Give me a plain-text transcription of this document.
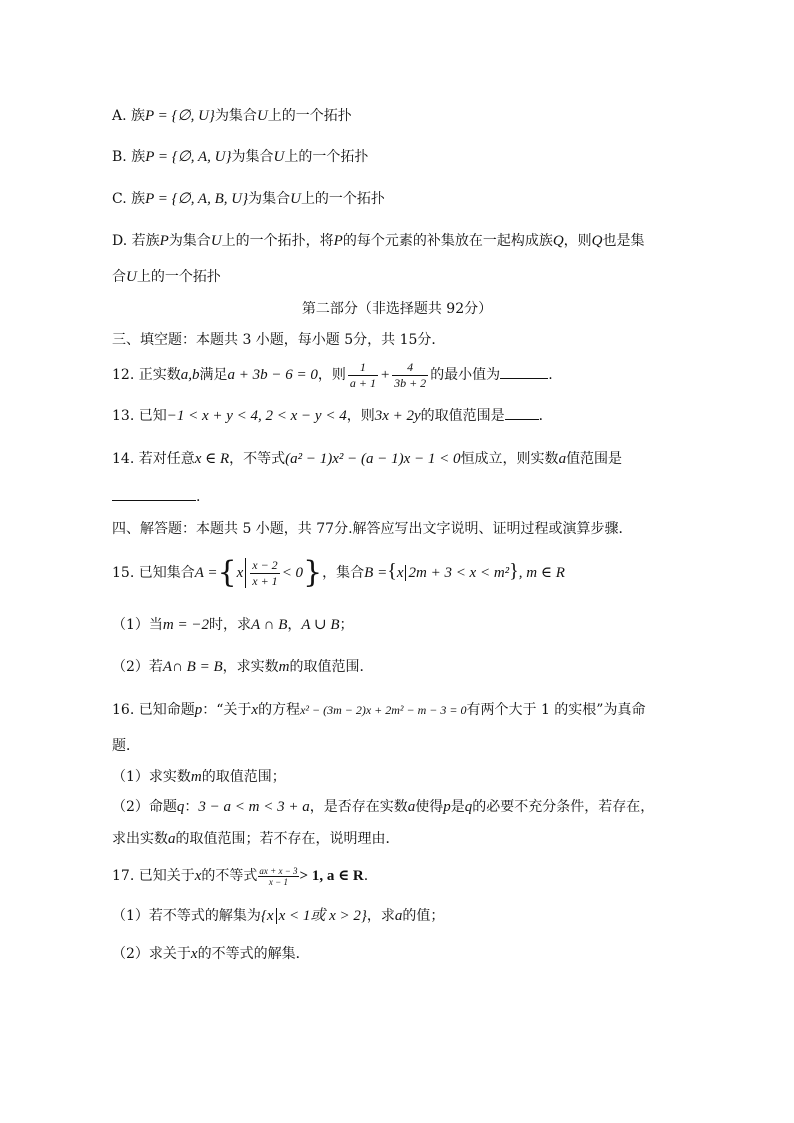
A. 族P = {∅, U}为集合U上的一个拓扑
B. 族P = {∅, A, U}为集合U上的一个拓扑
C. 族P = {∅, A, B, U}为集合U上的一个拓扑
D. 若族P为集合U上的一个拓扑，将P的每个元素的补集放在一起构成族Q，则Q也是集
合U上的一个拓扑
第二部分（非选择题共 92分）
三、填空题：本题共 3 小题，每小题 5分，共 15分．
12. 正实数a,b满足a + 3b − 6 = 0，则 $\frac{1}{a + 1} + \frac{4}{3b + 2}$ 的最小值为	.
13. 已知−1 < x + y < 4, 2 < x − y < 4，则3x + 2y的取值范围是 ．
14. 若对任意x ∈ R，不等式(a² − 1)x² − (a − 1)x − 1 < 0恒成立，则实数a值范围是
.
四、解答题：本题共 5 小题，共 77分.解答应写出文字说明、证明过程或演算步骤．
15. 已知集合$A =\{x \frac{x - 2}{x + 1} < 0\}$，集合B ={x 2m + 3 < x < m²}, m ∈ R
（1）当m = −2时，求A ∩ B，A ∪ B；
（2）若A∩ B = B，求实数m的取值范围．
16. 已知命题p：“关于x的方程x² − (3m − 2)x + 2m² − m − 3 = 0有两个大于 1 的实根”为真命
题．
（1）求实数m的取值范围；
（2）命题q：3 − a < m < 3 + a，是否存在实数a使得p是q的必要不充分条件，若存在，
求出实数a的取值范围；若不存在，说明理由．
17. 已知关于x的不等式 $\frac{ax + x - 3}{x - 1} > 1$, a ∈ R.
（1）若不等式的解集为{x x < 1或 x > 2}，求a的值；
（2）求关于x的不等式的解集．
